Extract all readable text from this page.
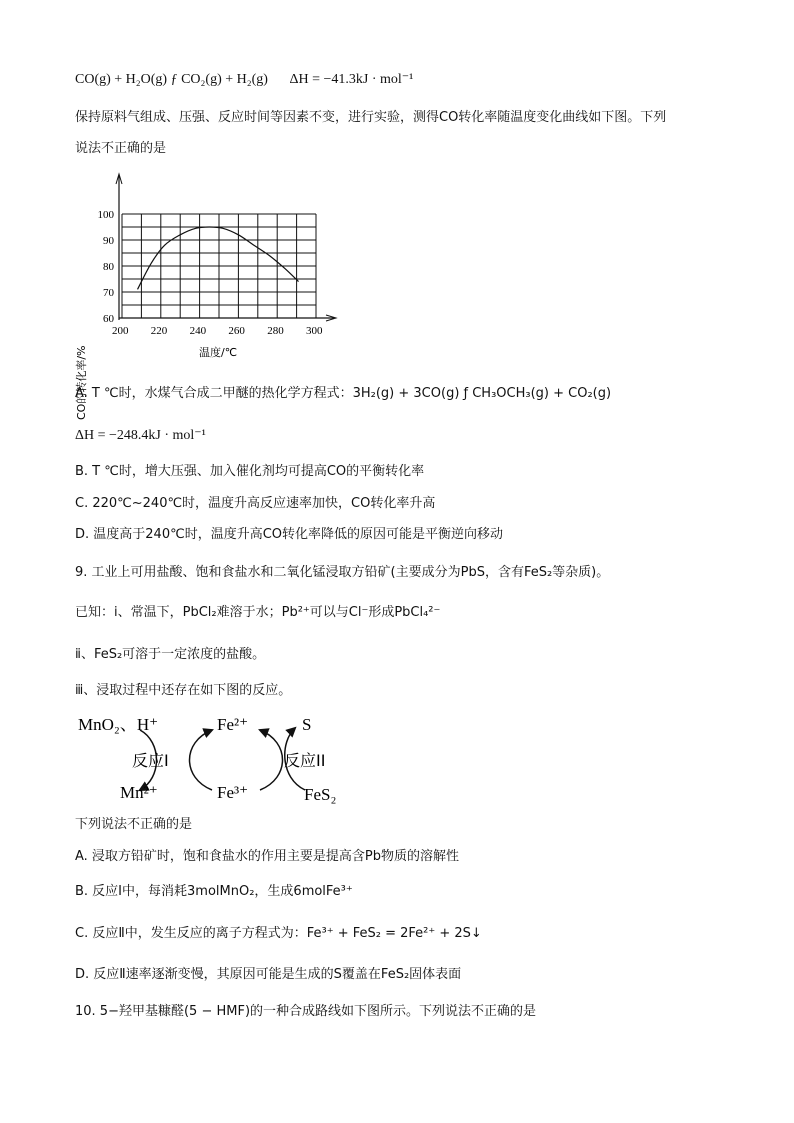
CO(g) + H₂O(g) ƒ CO₂(g) + H₂(g) ΔH = −41.3kJ · mol⁻¹
保持原料气组成、压强、反应时间等因素不变，进行实验，测得CO转化率随温度变化曲线如下图。下列
说法不正确的是
200 220 240 260 280 300
60
70
80
90
100
CO的转化率/%	温度/℃
A. T ℃时，水煤气合成二甲醚的热化学方程式：3H₂(g) + 3CO(g) ƒ CH₃OCH₃(g) + CO₂(g)
ΔH = −248.4kJ · mol⁻¹
B. T ℃时，增大压强、加入催化剂均可提高CO的平衡转化率
C. 220℃~240℃时，温度升高反应速率加快，CO转化率升高
D. 温度高于240℃时，温度升高CO转化率降低的原因可能是平衡逆向移动
9. 工业上可用盐酸、饱和食盐水和二氧化锰浸取方铅矿(主要成分为PbS，含有FeS₂等杂质)。
已知：ⅰ、常温下，PbCl₂难溶于水；Pb²⁺可以与Cl⁻形成PbCl₄²⁻
ⅱ、FeS₂可溶于一定浓度的盐酸。
ⅲ、浸取过程中还存在如下图的反应。
MnO₂、H⁺	Fe²⁺	S
反应I	反应II
Mn²⁺	Fe³⁺	FeS₂
下列说法不正确的是
A. 浸取方铅矿时，饱和食盐水的作用主要是提高含Pb物质的溶解性
B. 反应Ⅰ中，每消耗3molMnO₂，生成6molFe³⁺
C. 反应Ⅱ中，发生反应的离子方程式为：Fe³⁺ + FeS₂ = 2Fe²⁺ + 2S↓
D. 反应Ⅱ速率逐渐变慢，其原因可能是生成的S覆盖在FeS₂固体表面
10. 5−羟甲基糠醛(5 − HMF)的一种合成路线如下图所示。下列说法不正确的是
